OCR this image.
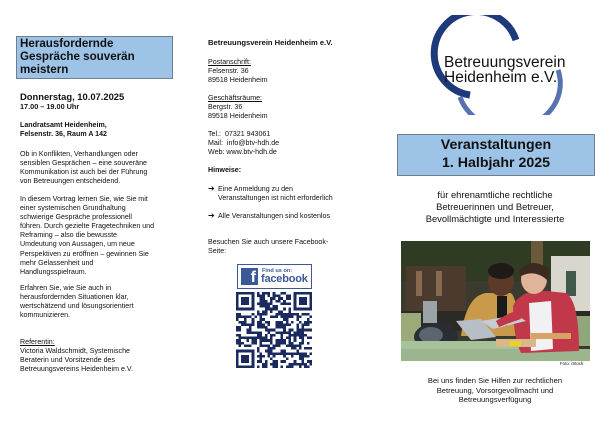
Herausfordernde
Gespräche souverän
meistern
Donnerstag, 10.07.2025
17.00 – 19.00 Uhr
Landratsamt Heidenheim,
Felsenstr. 36, Raum A 142
Ob in Konflikten, Verhandlungen oder
sensiblen Gesprächen – eine souveräne
Kommunikation ist auch bei der Führung
von Betreuungen entscheidend.
In diesem Vortrag lernen Sie, wie Sie mit
einer systemischen Grundhaltung
schwierige Gespräche professionell
führen. Durch gezielte Fragetechniken und
Reframing – also die bewusste
Umdeutung von Aussagen, um neue
Perspektiven zu eröffnen – gewinnen Sie
mehr Gelassenheit und
Handlungsspielraum.
Erfahren Sie, wie Sie auch in
herausfordernden Situationen klar,
wertschätzend und lösungsorientiert
kommunizieren.
Referentin:
Victoria Waldschmidt, Systemische
Beraterin und Vorsitzende des
Betreuungsvereins Heidenheim e.V.
Betreuungsverein Heidenheim e.V.
Postanschrift:
Felsenstr. 36
89518 Heidenheim
Geschäftsräume:
Bergstr. 36
89518 Heidenheim
Tel.:  07321 943061
Mail:  info@btv-hdh.de
Web: www.btv-hdh.de
Hinweise:
➔ Eine Anmeldung zu den
Veranstaltungen ist nicht erforderlich
➔ Alle Veranstaltungen sind kostenlos
Besuchen Sie auch unsere Facebook-
Seite:
f	Find us on:
facebook
Betreuungsverein
Heidenheim e.V.
Veranstaltungen
1. Halbjahr 2025
für ehrenamtliche rechtliche
Betreuerinnen und Betreuer,
Bevollmächtigte und Interessierte
Foto: iStock
Bei uns finden Sie Hilfen zur rechtlichen
Betreuung, Vorsorgevollmacht und
Betreuungsverfügung
